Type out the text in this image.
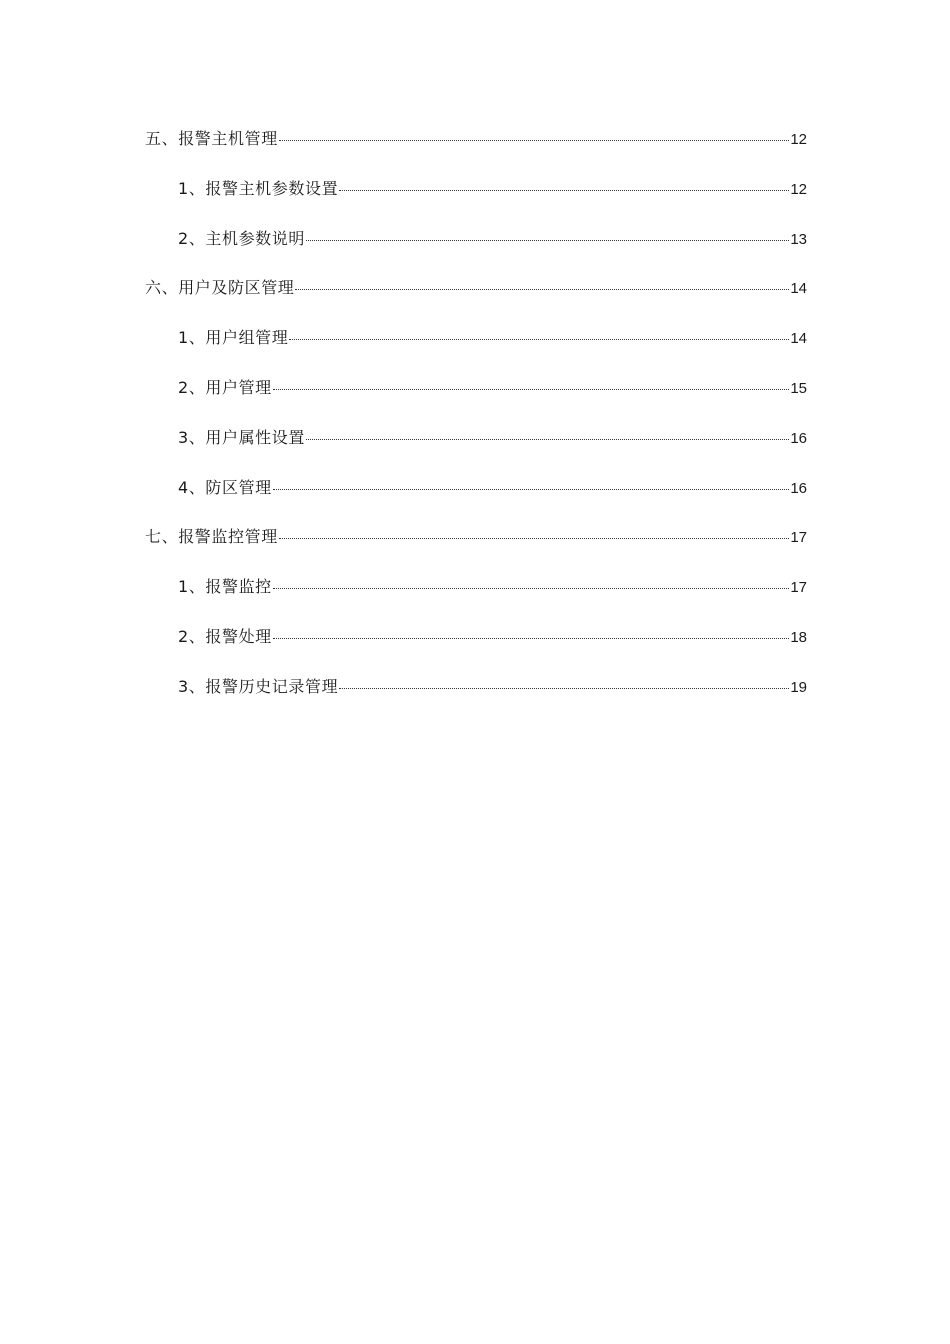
五、报警主机管理	12
1、报警主机参数设置	12
2、主机参数说明	13
六、用户及防区管理	14
1、用户组管理	14
2、用户管理	15
3、用户属性设置	16
4、防区管理	16
七、报警监控管理	17
1、报警监控	17
2、报警处理	18
3、报警历史记录管理	19
